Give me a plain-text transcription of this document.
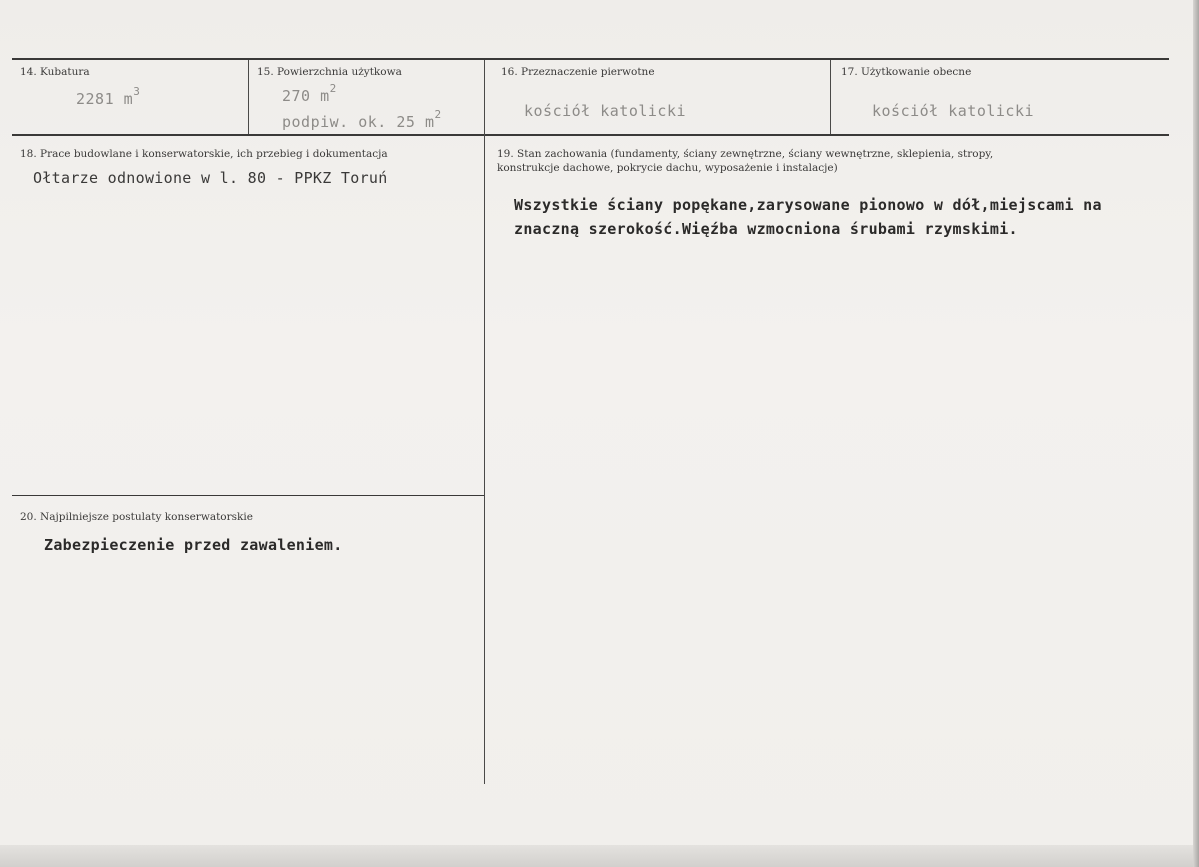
14. Kubatura
2281 $m^3$
15. Powierzchnia użytkowa
270 $m^2$
podpiw. ok. 25 $m^2$
16. Przeznaczenie pierwotne
kościół katolicki
17. Użytkowanie obecne
kościół katolicki
18. Prace budowlane i konserwatorskie, ich przebieg i dokumentacja
Ołtarze odnowione w l. 80 - PPKZ Toruń
19. Stan zachowania (fundamenty, ściany zewnętrzne, ściany wewnętrzne, sklepienia, stropy,
konstrukcje dachowe, pokrycie dachu, wyposażenie i instalacje)
Wszystkie ściany popękane,zarysowane pionowo w dół,miejscami na
znaczną szerokość.Więźba wzmocniona śrubami rzymskimi.
20. Najpilniejsze postulaty konserwatorskie
Zabezpieczenie przed zawaleniem.
